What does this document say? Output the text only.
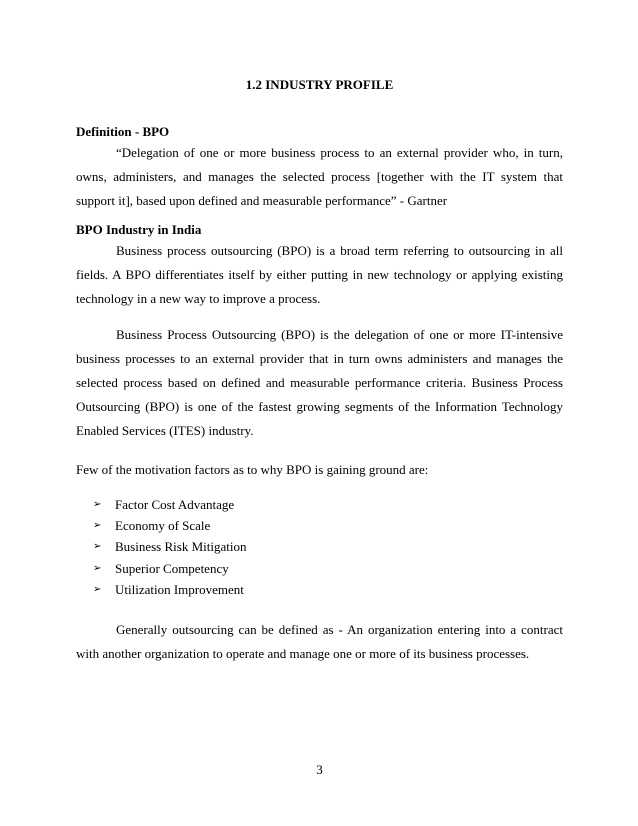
1.2 INDUSTRY PROFILE
Definition - BPO

“Delegation of one or more business process to an external provider who, in turn, owns, administers, and manages the selected process [together with the IT system that support it], based upon defined and measurable performance” - Gartner

BPO Industry in India

Business process outsourcing (BPO) is a broad term referring to outsourcing in all fields. A BPO differentiates itself by either putting in new technology or applying existing technology in a new way to improve a process.

Business Process Outsourcing (BPO) is the delegation of one or more IT-intensive business processes to an external provider that in turn owns administers and manages the selected process based on defined and measurable performance criteria. Business Process Outsourcing (BPO) is one of the fastest growing segments of the Information Technology Enabled Services (ITES) industry.

Few of the motivation factors as to why BPO is gaining ground are:

➢	Factor Cost Advantage
➢	Economy of Scale
➢	Business Risk Mitigation
➢	Superior Competency
➢	Utilization Improvement

Generally outsourcing can be defined as - An organization entering into a contract with another organization to operate and manage one or more of its business processes.

3
